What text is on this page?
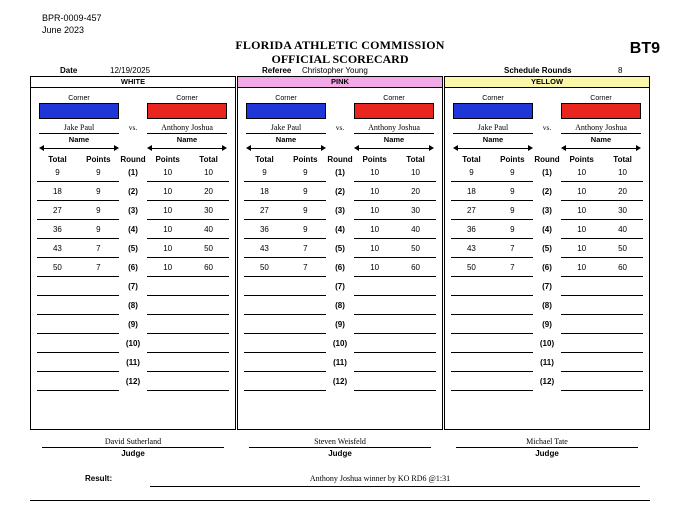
BPR-0009-457
June 2023
FLORIDA ATHLETIC COMMISSION
OFFICIAL SCORECARD
BT9
Date	12/19/2025	Referee Christopher Young	Schedule Rounds	8
WHITE
Corner	Corner
Jake Paul	vs.	Anthony Joshua
Name	Name
Total	Points	Round	Points	Total
9	9	(1)	10	10
18	9	(2)	10	20
27	9	(3)	10	30
36	9	(4)	10	40
43	7	(5)	10	50
50	7	(6)	10	60
(7)
(8)
(9)
(10)
(11)
(12)
PINK
Corner	Corner
Jake Paul	vs.	Anthony Joshua
Name	Name
Total	Points	Round	Points	Total
9	9	(1)	10	10
18	9	(2)	10	20
27	9	(3)	10	30
36	9	(4)	10	40
43	7	(5)	10	50
50	7	(6)	10	60
(7)
(8)
(9)
(10)
(11)
(12)
YELLOW
Corner	Corner
Jake Paul	vs.	Anthony Joshua
Name	Name
Total	Points	Round	Points	Total
9	9	(1)	10	10
18	9	(2)	10	20
27	9	(3)	10	30
36	9	(4)	10	40
43	7	(5)	10	50
50	7	(6)	10	60
(7)
(8)
(9)
(10)
(11)
(12)
David Sutherland
Judge
Steven Weisfeld
Judge
Michael Tate
Judge
Result:	Anthony Joshua winner by KO RD6 @1:31
